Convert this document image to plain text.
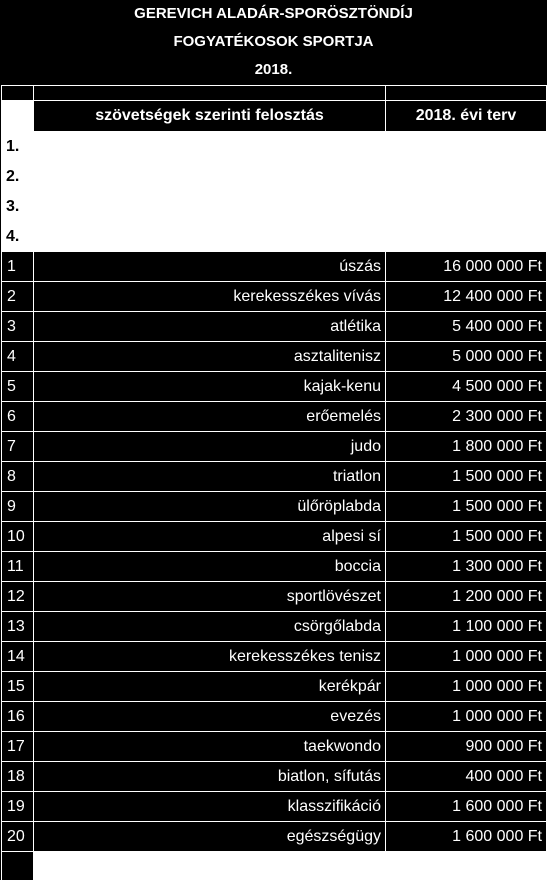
GEREVICH ALADÁR-SPORÖSZTÖNDÍJ
FOGYATÉKOSOK SPORTJA
2018.

	szövetségek szerinti felosztás	2018. évi terv
1.		
2.		
3.		
4.		
1	úszás	16 000 000 Ft
2	kerekesszékes vívás	12 400 000 Ft
3	atlétika	5 400 000 Ft
4	asztalitenisz	5 000 000 Ft
5	kajak-kenu	4 500 000 Ft
6	erőemelés	2 300 000 Ft
7	judo	1 800 000 Ft
8	triatlon	1 500 000 Ft
9	ülőröplabda	1 500 000 Ft
10	alpesi sí	1 500 000 Ft
11	boccia	1 300 000 Ft
12	sportlövészet	1 200 000 Ft
13	csörgőlabda	1 100 000 Ft
14	kerekesszékes tenisz	1 000 000 Ft
15	kerékpár	1 000 000 Ft
16	evezés	1 000 000 Ft
17	taekwondo	900 000 Ft
18	biatlon, sífutás	400 000 Ft
19	klasszifikáció	1 600 000 Ft
20	egészségügy	1 600 000 Ft
